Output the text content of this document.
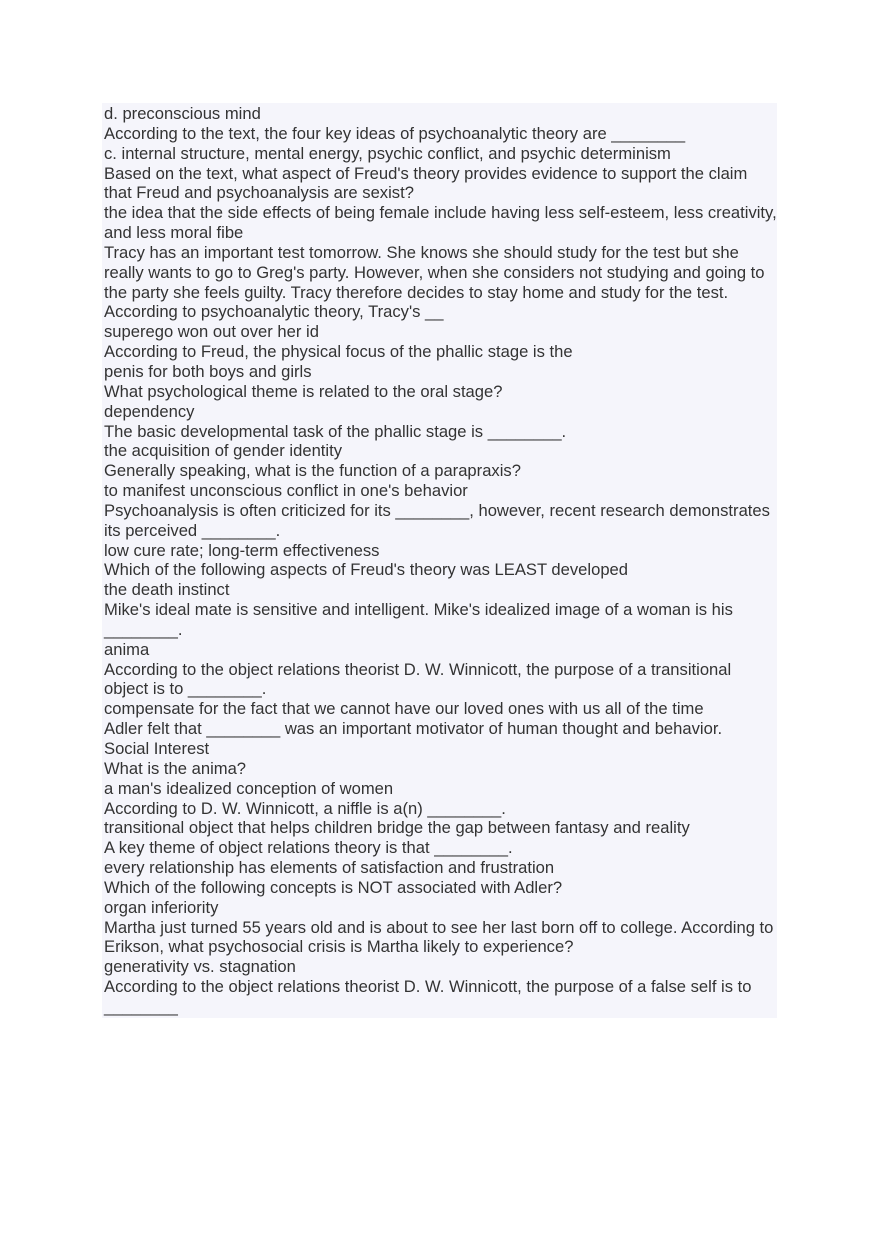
d. preconscious mind
According to the text, the four key ideas of psychoanalytic theory are ________
c. internal structure, mental energy, psychic conflict, and psychic determinism
Based on the text, what aspect of Freud's theory provides evidence to support the claim that Freud and psychoanalysis are sexist?
the idea that the side effects of being female include having less self-esteem, less creativity, and less moral fibe
Tracy has an important test tomorrow. She knows she should study for the test but she really wants to go to Greg's party. However, when she considers not studying and going to the party she feels guilty. Tracy therefore decides to stay home and study for the test. According to psychoanalytic theory, Tracy's __
superego won out over her id
According to Freud, the physical focus of the phallic stage is the
penis for both boys and girls
What psychological theme is related to the oral stage?
dependency
The basic developmental task of the phallic stage is ________.
the acquisition of gender identity
Generally speaking, what is the function of a parapraxis?
to manifest unconscious conflict in one's behavior
Psychoanalysis is often criticized for its ________, however, recent research demonstrates its perceived ________.
low cure rate; long-term effectiveness
Which of the following aspects of Freud's theory was LEAST developed
the death instinct
Mike's ideal mate is sensitive and intelligent. Mike's idealized image of a woman is his ________.
anima
According to the object relations theorist D. W. Winnicott, the purpose of a transitional object is to ________.
compensate for the fact that we cannot have our loved ones with us all of the time
Adler felt that ________ was an important motivator of human thought and behavior.
Social Interest
What is the anima?
a man's idealized conception of women
According to D. W. Winnicott, a niffle is a(n) ________.
transitional object that helps children bridge the gap between fantasy and reality
A key theme of object relations theory is that ________.
every relationship has elements of satisfaction and frustration
Which of the following concepts is NOT associated with Adler?
organ inferiority
Martha just turned 55 years old and is about to see her last born off to college. According to Erikson, what psychosocial crisis is Martha likely to experience?
generativity vs. stagnation
According to the object relations theorist D. W. Winnicott, the purpose of a false self is to ________
